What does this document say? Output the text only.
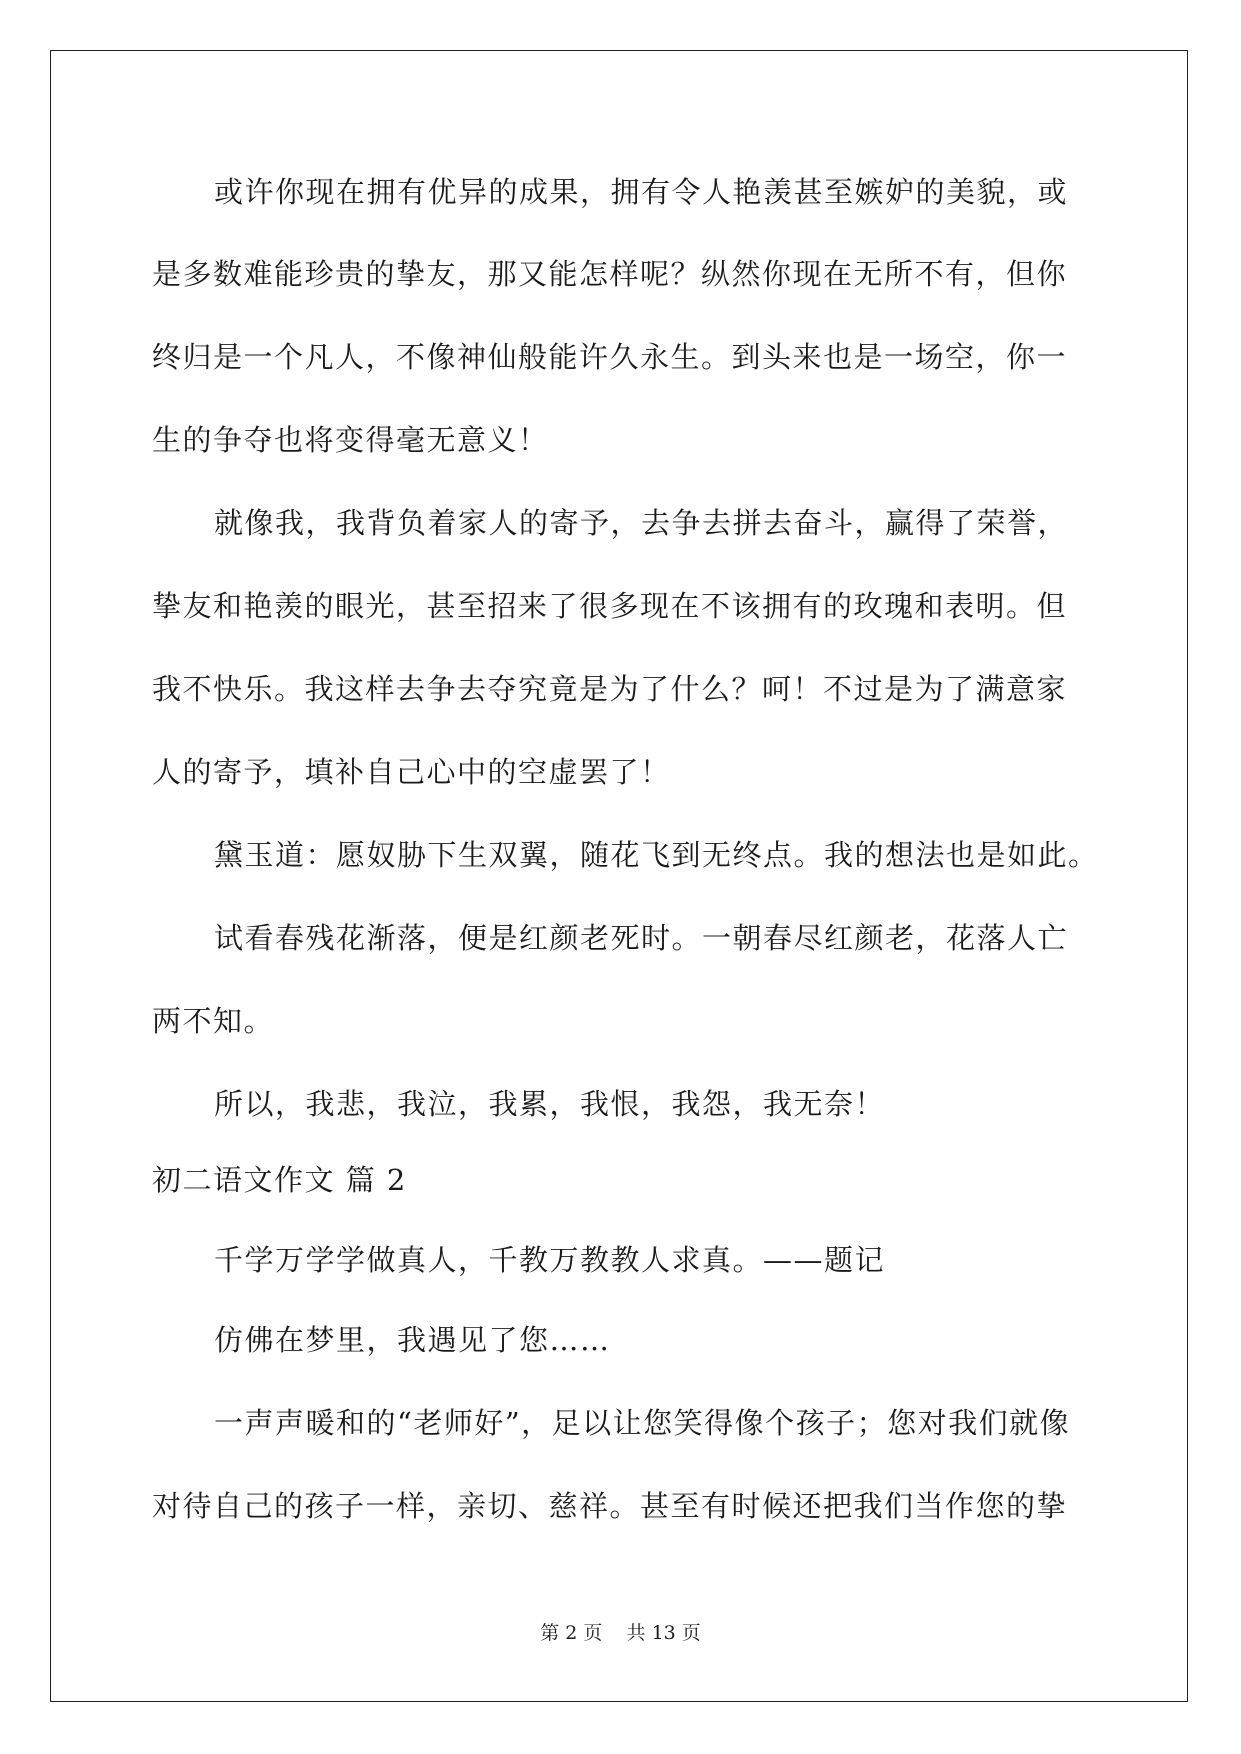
或许你现在拥有优异的成果，拥有令人艳羡甚至嫉妒的美貌，或
是多数难能珍贵的挚友，那又能怎样呢？纵然你现在无所不有，但你
终归是一个凡人，不像神仙般能许久永生。到头来也是一场空，你一
生的争夺也将变得毫无意义！
就像我，我背负着家人的寄予，去争去拼去奋斗，赢得了荣誉，
挚友和艳羡的眼光，甚至招来了很多现在不该拥有的玫瑰和表明。但
我不快乐。我这样去争去夺究竟是为了什么？呵！不过是为了满意家
人的寄予，填补自己心中的空虚罢了！
黛玉道：愿奴胁下生双翼，随花飞到无终点。我的想法也是如此。
试看春残花渐落，便是红颜老死时。一朝春尽红颜老，花落人亡
两不知。
所以，我悲，我泣，我累，我恨，我怨，我无奈！
初二语文作文 篇 2
千学万学学做真人，千教万教教人求真。——题记
仿佛在梦里，我遇见了您……
一声声暖和的“老师好”，足以让您笑得像个孩子；您对我们就像
对待自己的孩子一样，亲切、慈祥。甚至有时候还把我们当作您的挚
第 2 页    共 13 页
